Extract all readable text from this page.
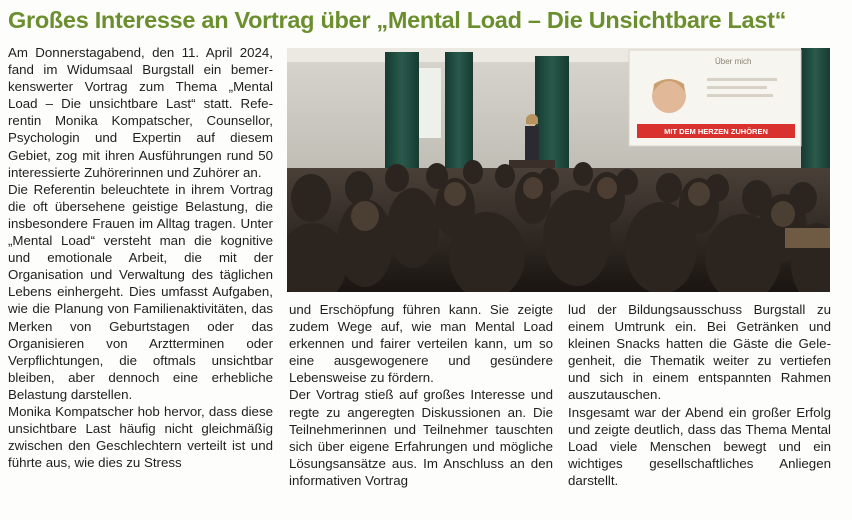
Großes Interesse an Vortrag über „Mental Load – Die Unsichtbare Last“

Am Donnerstagabend, den 11. April 2024, fand im Widumsaal Burgstall ein bemerkenswerter Vortrag zum Thema „Mental Load – Die unsichtbare Last“ statt. Referentin Monika Kompatscher, Counsellor, Psychologin und Expertin auf diesem Gebiet, zog mit ihren Ausführungen rund 50 interessierte Zuhörerinnen und Zuhörer an.

Die Referentin beleuchtete in ihrem Vortrag die oft übersehene geistige Belastung, die insbesondere Frauen im Alltag tragen. Unter „Mental Load“ versteht man die kognitive und emotionale Arbeit, die mit der Organisation und Verwaltung des täglichen Lebens einhergeht. Dies umfasst Aufgaben, wie die Planung von Familienaktivitäten, das Merken von Geburtstagen oder das Organisieren von Arztterminen oder Verpflichtungen, die oftmals unsichtbar bleiben, aber dennoch eine erhebliche Belastung darstellen.

Monika Kompatscher hob hervor, dass diese unsichtbare Last häufig nicht gleichmäßig zwischen den Geschlechtern verteilt ist und führte aus, wie dies zu Stress

Über mich
MIT DEM HERZEN ZUHÖREN

und Erschöpfung führen kann. Sie zeigte zudem Wege auf, wie man Mental Load erkennen und fairer verteilen kann, um so eine ausgewogenere und gesündere Lebensweise zu fördern.

Der Vortrag stieß auf großes Interesse und regte zu angeregten Diskussionen an. Die Teilnehmerinnen und Teilnehmer tauschten sich über eigene Erfahrungen und mögliche Lösungsansätze aus. Im Anschluss an den informativen Vortrag

lud der Bildungsausschuss Burgstall zu einem Umtrunk ein. Bei Getränken und kleinen Snacks hatten die Gäste die Gelegenheit, die Thematik weiter zu vertiefen und sich in einem entspannten Rahmen auszutauschen.

Insgesamt war der Abend ein großer Erfolg und zeigte deutlich, dass das Thema Mental Load viele Menschen bewegt und ein wichtiges gesellschaftliches Anliegen darstellt.
